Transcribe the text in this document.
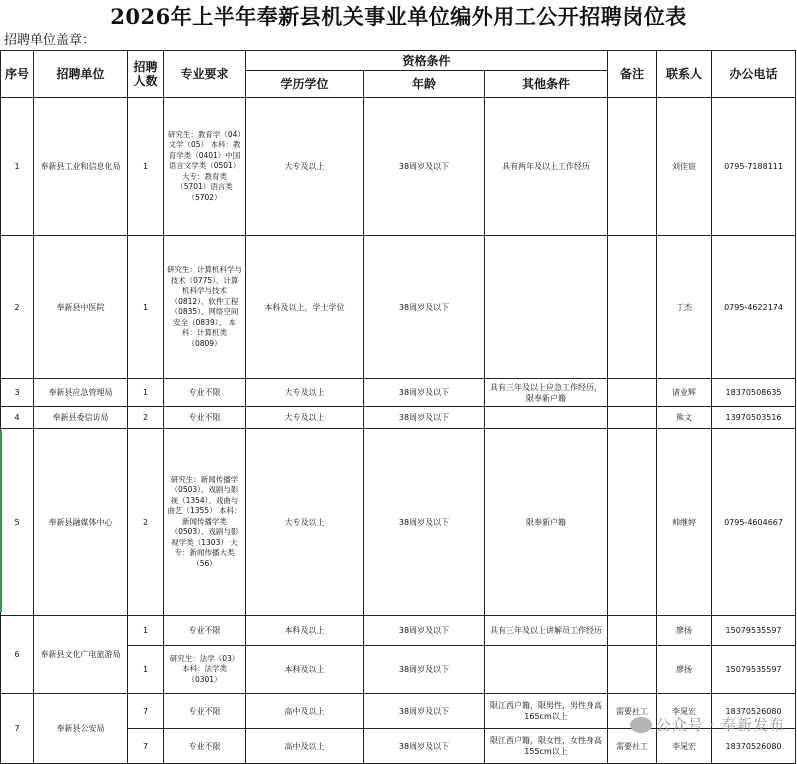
2026年上半年奉新县机关事业单位编外用工公开招聘岗位表
招聘单位盖章：
序号	招聘单位	招聘人数	专业要求	资格条件			备注	联系人	办公电话
				学历学位	年龄	其他条件			
1	奉新县工业和信息化局	1	研究生：教育学（04）文学（05） 本科：教育学类（0401）中国语言文学类（0501） 大专：教育类（5701）语言类（5702）	大专及以上	38周岁及以下	具有两年及以上工作经历		刘佳宸	0795-7188111
2	奉新县中医院	1	研究生：计算机科学与技术（0775）、计算机科学与技术（0812）、软件工程（0835）、网络空间安全（0839）、 本科：计算机类（0809）	本科及以上，学士学位	38周岁及以下			丁杰	0795-4622174
3	奉新县应急管理局	1	专业不限	大专及以上	38周岁及以下	具有三年及以上应急工作经历，限奉新户籍		诸业辉	18370508635
4	奉新县委信访局	2	专业不限	大专及以上	38周岁及以下			熊文	13970503516
5	奉新县融媒体中心	2	研究生：新闻传播学（0503）、戏剧与影视（1354）、戏曲与曲艺（1355） 本科：新闻传播学类（0503）、戏剧与影视学类（1303） 大专：新闻传播大类（56）	大专及以上	38周岁及以下	限奉新户籍		帅继婷	0795-4604667
6	奉新县文化广电旅游局	1	专业不限	本科及以上	38周岁及以下	具有三年及以上讲解员工作经历		廖扬	15079535597
		1	研究生：法学（03） 本科：法学类（0301）	本科及以上	38周岁及以下			廖扬	15079535597
7	奉新县公安局	7	专业不限	高中及以上	38周岁及以下	限江西户籍，限男性，男性身高165cm以上	需要社工	李晁宏	18370526080
		7	专业不限	高中及以上	38周岁及以下	限江西户籍，限女性，女性身高155cm以上	需要社工	李晁宏	18370526080
公众号 · 奉新发布
